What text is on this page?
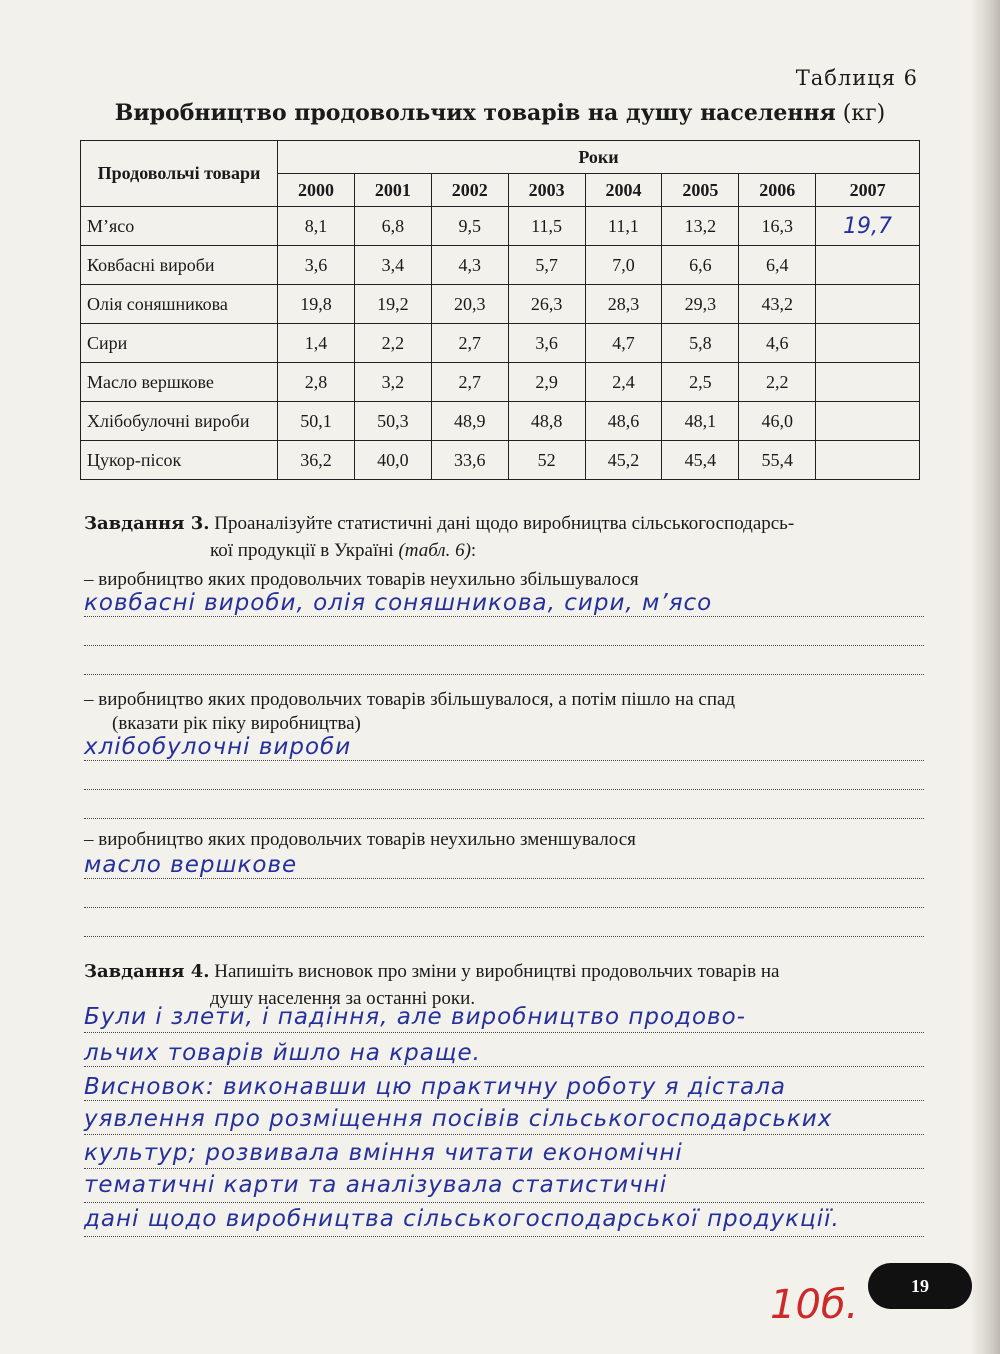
Таблиця 6
Виробництво продовольчих товарів на душу населення (кг)
Продовольчі товари	Роки							
	2000	2001	2002	2003	2004	2005	2006	2007
М’ясо	8,1	6,8	9,5	11,5	11,1	13,2	16,3	19,7
Ковбасні вироби	3,6	3,4	4,3	5,7	7,0	6,6	6,4	
Олія соняшникова	19,8	19,2	20,3	26,3	28,3	29,3	43,2	
Сири	1,4	2,2	2,7	3,6	4,7	5,8	4,6	
Масло вершкове	2,8	3,2	2,7	2,9	2,4	2,5	2,2	
Хлібобулочні вироби	50,1	50,3	48,9	48,8	48,6	48,1	46,0	
Цукор-пісок	36,2	40,0	33,6	52	45,2	45,4	55,4	
Завдання 3. Проаналізуйте статистичні дані щодо виробництва сільськогосподарсь-
кої продукції в Україні (табл. 6):
– виробництво яких продовольчих товарів неухильно збільшувалося
ковбасні вироби, олія соняшникова, сири, м’ясо
– виробництво яких продовольчих товарів збільшувалося, а потім пішло на спад
(вказати рік піку виробництва)
хлібобулочні вироби
– виробництво яких продовольчих товарів неухильно зменшувалося
масло вершкове
Завдання 4. Напишіть висновок про зміни у виробництві продовольчих товарів на
душу населення за останні роки.
Були і злети, і падіння, але виробництво продово-
льчих товарів йшло на краще.
Висновок: виконавши цю практичну роботу я дістала
уявлення про розміщення посівів сільськогосподарських
культур; розвивала вміння читати економічні
тематичні карти та аналізувала статистичні
дані щодо виробництва сільськогосподарської продукції.
10б.	19
